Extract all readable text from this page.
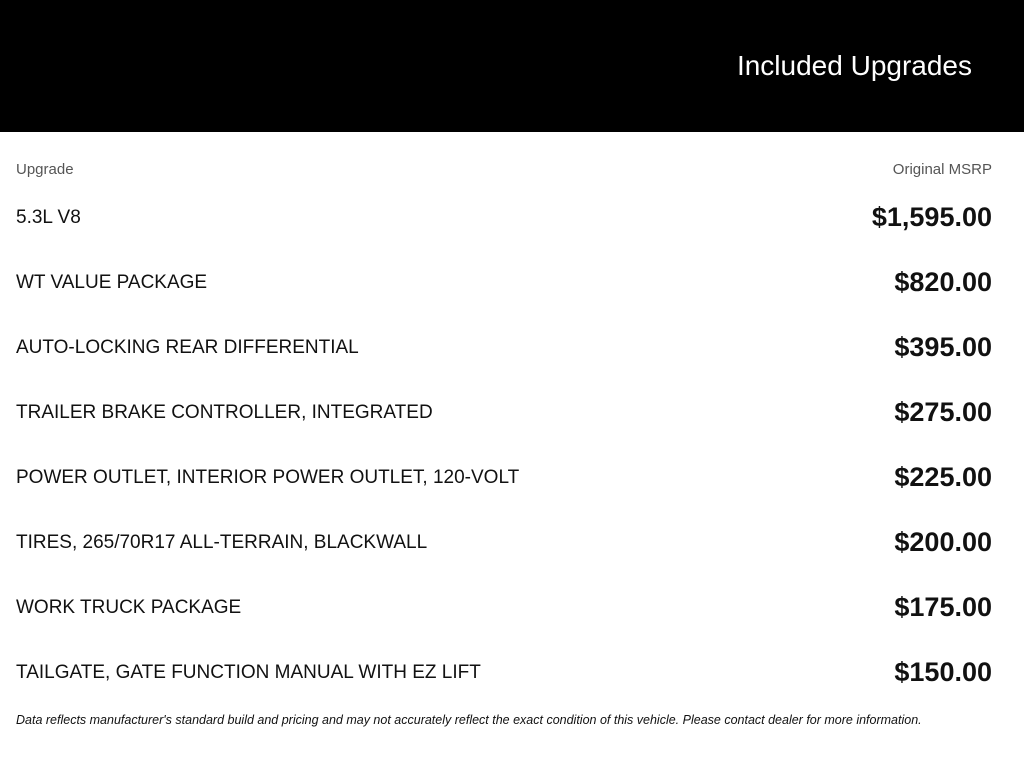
Included Upgrades
Upgrade	Original MSRP
5.3L V8	$1,595.00
WT VALUE PACKAGE	$820.00
AUTO-LOCKING REAR DIFFERENTIAL	$395.00
TRAILER BRAKE CONTROLLER, INTEGRATED	$275.00
POWER OUTLET, INTERIOR POWER OUTLET, 120-VOLT	$225.00
TIRES, 265/70R17 ALL-TERRAIN, BLACKWALL	$200.00
WORK TRUCK PACKAGE	$175.00
TAILGATE, GATE FUNCTION MANUAL WITH EZ LIFT	$150.00
Data reflects manufacturer's standard build and pricing and may not accurately reflect the exact condition of this vehicle. Please contact dealer for more information.
